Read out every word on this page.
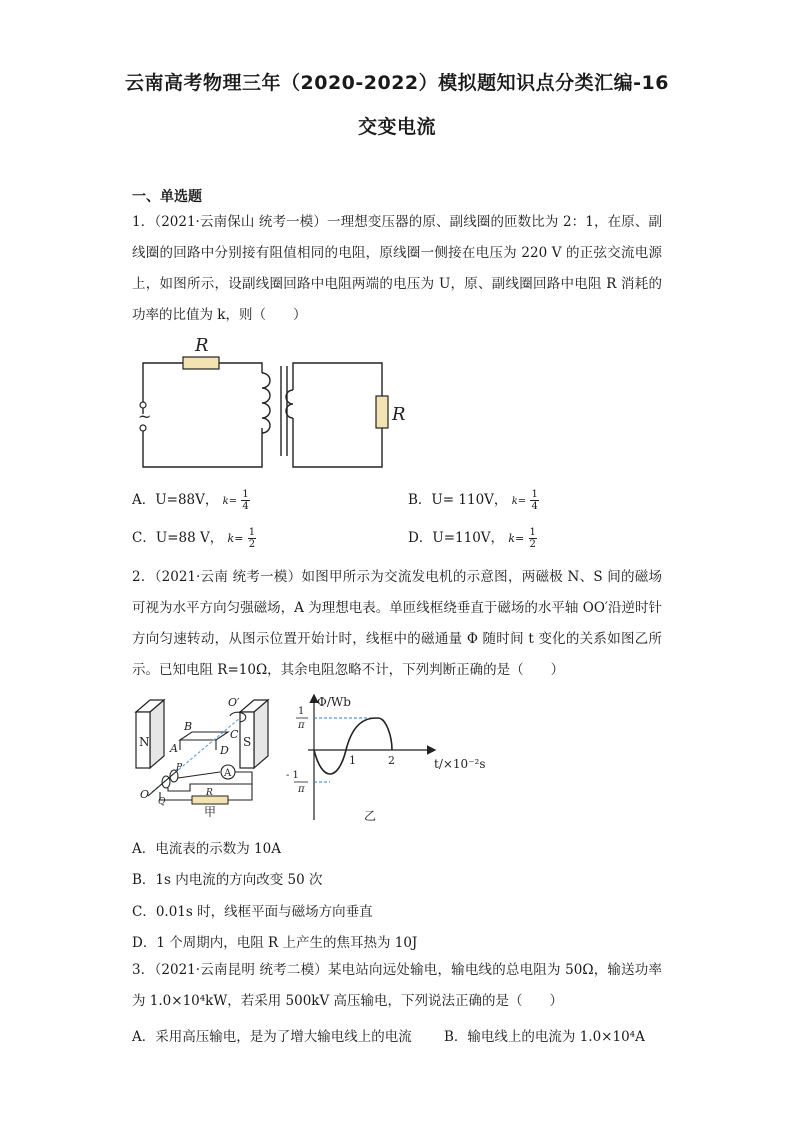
云南高考物理三年（2020-2022）模拟题知识点分类汇编-16
交变电流
一、单选题
1．（2021·云南保山 统考一模）一理想变压器的原、副线圈的匝数比为 2：1，在原、副线圈的回路中分别接有阻值相同的电阻，原线圈一侧接在电压为 220 V 的正弦交流电源上，如图所示，设副线圈回路中电阻两端的电压为 U，原、副线圈回路中电阻 R 消耗的功率的比值为 k，则（　　）
~
R
R
A．U=88V， $k= \frac{1}{4}$	B．U= 110V， $k= \frac{1}{4}$
C．U=88 V， $k= \frac{1}{2}$	D．U=110V， $k= \frac{1}{2}$
2．（2021·云南 统考一模）如图甲所示为交流发电机的示意图，两磁极 N、S 间的磁场可视为水平方向匀强磁场，A 为理想电表。单匝线框绕垂直于磁场的水平轴 OO′沿逆时针方向匀速转动，从图示位置开始计时，线框中的磁通量 Φ 随时间 t 变化的关系如图乙所示。已知电阻 R=10Ω，其余电阻忽略不计，下列判断正确的是（　　）
A
N	S
O′
B
C
A	D
P
Q
O	R
甲
Φ/Wb
t/×10⁻²s
1	2
1
π
- 1
π
乙
A．电流表的示数为 10A
B．1s 内电流的方向改变 50 次
C．0.01s 时，线框平面与磁场方向垂直
D．1 个周期内，电阻 R 上产生的焦耳热为 10J
3．（2021·云南昆明 统考二模）某电站向远处输电，输电线的总电阻为 50Ω，输送功率为 1.0×10⁴kW，若采用 500kV 高压输电，下列说法正确的是（　　）
A．采用高压输电，是为了增大输电线上的电流 B．输电线上的电流为 1.0×10⁴A
